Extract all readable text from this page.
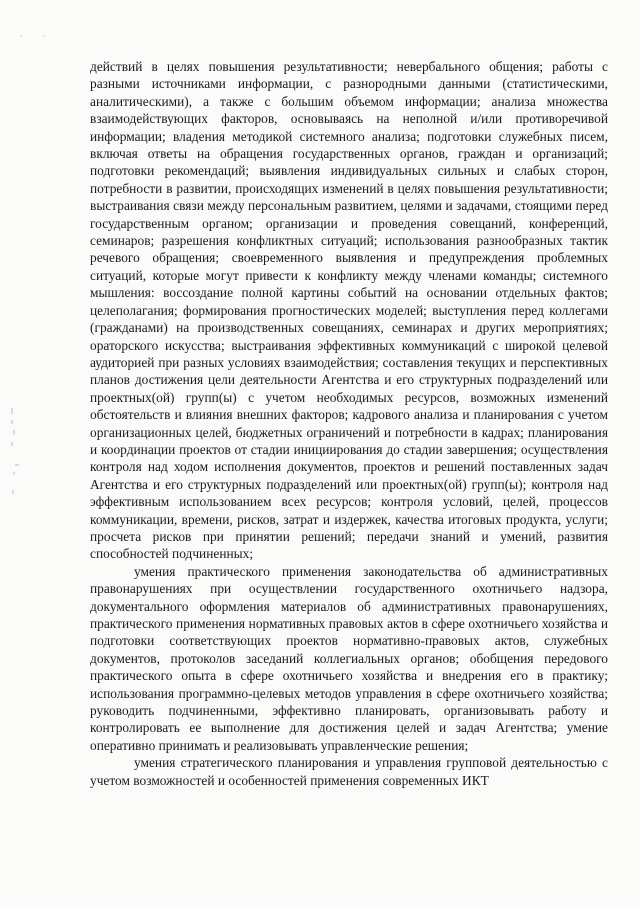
действий в целях повышения результативности; невербального общения; работы с разными источниками информации, с разнородными данными (статистическими, аналитическими), а также с большим объемом информации; анализа множества взаимодействующих факторов, основываясь на неполной и/или противоречивой информации; владения методикой системного анализа; подготовки служебных писем, включая ответы на обращения государственных органов, граждан и организаций; подготовки рекомендаций; выявления индивидуальных сильных и слабых сторон, потребности в развитии, происходящих изменений в целях повышения результативности; выстраивания связи между персональным развитием, целями и задачами, стоящими перед государственным органом; организации и проведения совещаний, конференций, семинаров; разрешения конфликтных ситуаций; использования разнообразных тактик речевого обращения; своевременного выявления и предупреждения проблемных ситуаций, которые могут привести к конфликту между членами команды; системного мышления: воссоздание полной картины событий на основании отдельных фактов; целеполагания; формирования прогностических моделей; выступления перед коллегами (гражданами) на производственных совещаниях, семинарах и других мероприятиях; ораторского искусства; выстраивания эффективных коммуникаций с широкой целевой аудиторией при разных условиях взаимодействия; составления текущих и перспективных планов достижения цели деятельности Агентства и его структурных подразделений или проектных(ой) групп(ы) с учетом необходимых ресурсов, возможных изменений обстоятельств и влияния внешних факторов; кадрового анализа и планирования с учетом организационных целей, бюджетных ограничений и потребности в кадрах; планирования и координации проектов от стадии инициирования до стадии завершения; осуществления контроля над ходом исполнения документов, проектов и решений поставленных задач Агентства и его структурных подразделений или проектных(ой) групп(ы); контроля над эффективным использованием всех ресурсов; контроля условий, целей, процессов коммуникации, времени, рисков, затрат и издержек, качества итоговых продукта, услуги; просчета рисков при принятии решений; передачи знаний и умений, развития способностей подчиненных;

умения практического применения законодательства об административных правонарушениях при осуществлении государственного охотничьего надзора, документального оформления материалов об административных правонарушениях, практического применения нормативных правовых актов в сфере охотничьего хозяйства и подготовки соответствующих проектов нормативно-правовых актов, служебных документов, протоколов заседаний коллегиальных органов; обобщения передового практического опыта в сфере охотничьего хозяйства и внедрения его в практику; использования программно-целевых методов управления в сфере охотничьего хозяйства; руководить подчиненными, эффективно планировать, организовывать работу и контролировать ее выполнение для достижения целей и задач Агентства; умение оперативно принимать и реализовывать управленческие решения;

умения стратегического планирования и управления групповой деятельностью с учетом возможностей и особенностей применения современных ИКТ
